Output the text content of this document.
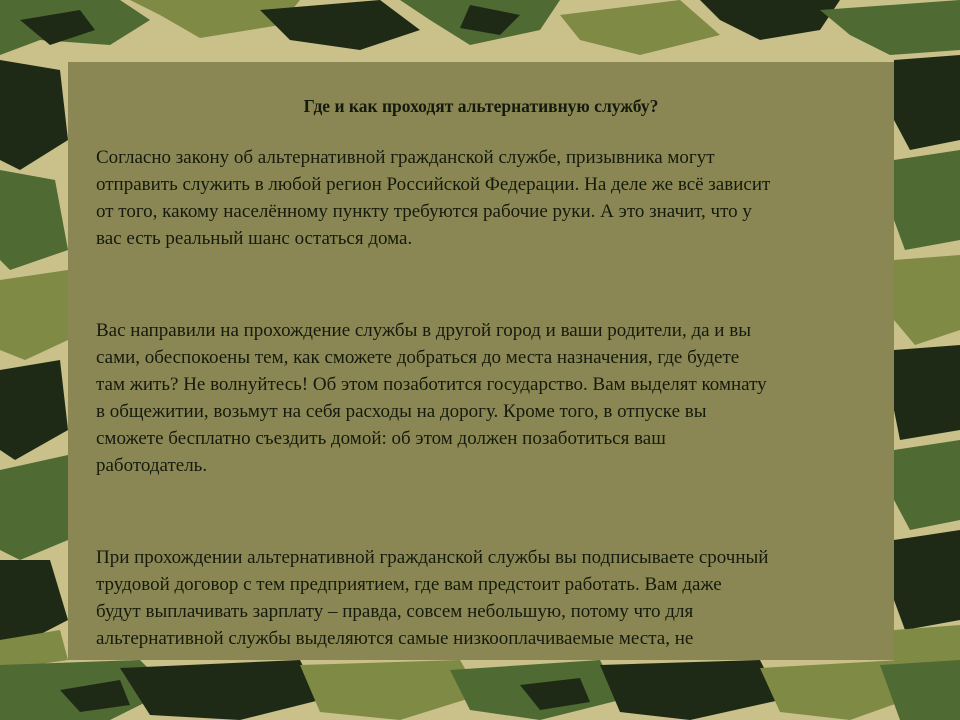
Где и как проходят альтернативную службу?

Согласно закону об альтернативной гражданской службе, призывника могут
отправить служить в любой регион Российской Федерации. На деле же всё зависит
от того, какому населённому пункту требуются рабочие руки. А это значит, что у
вас есть реальный шанс остаться дома.

Вас направили на прохождение службы в другой город и ваши родители, да и вы
сами, обеспокоены тем, как сможете добраться до места назначения, где будете
там жить? Не волнуйтесь! Об этом позаботится государство. Вам выделят комнату
в общежитии, возьмут на себя расходы на дорогу. Кроме того, в отпуске вы
сможете бесплатно съездить домой: об этом должен позаботиться ваш
работодатель.

При прохождении альтернативной гражданской службы вы подписываете срочный
трудовой договор с тем предприятием, где вам предстоит работать. Вам даже
будут выплачивать зарплату – правда, совсем небольшую, потому что для
альтернативной службы выделяются самые низкооплачиваемые места, не
